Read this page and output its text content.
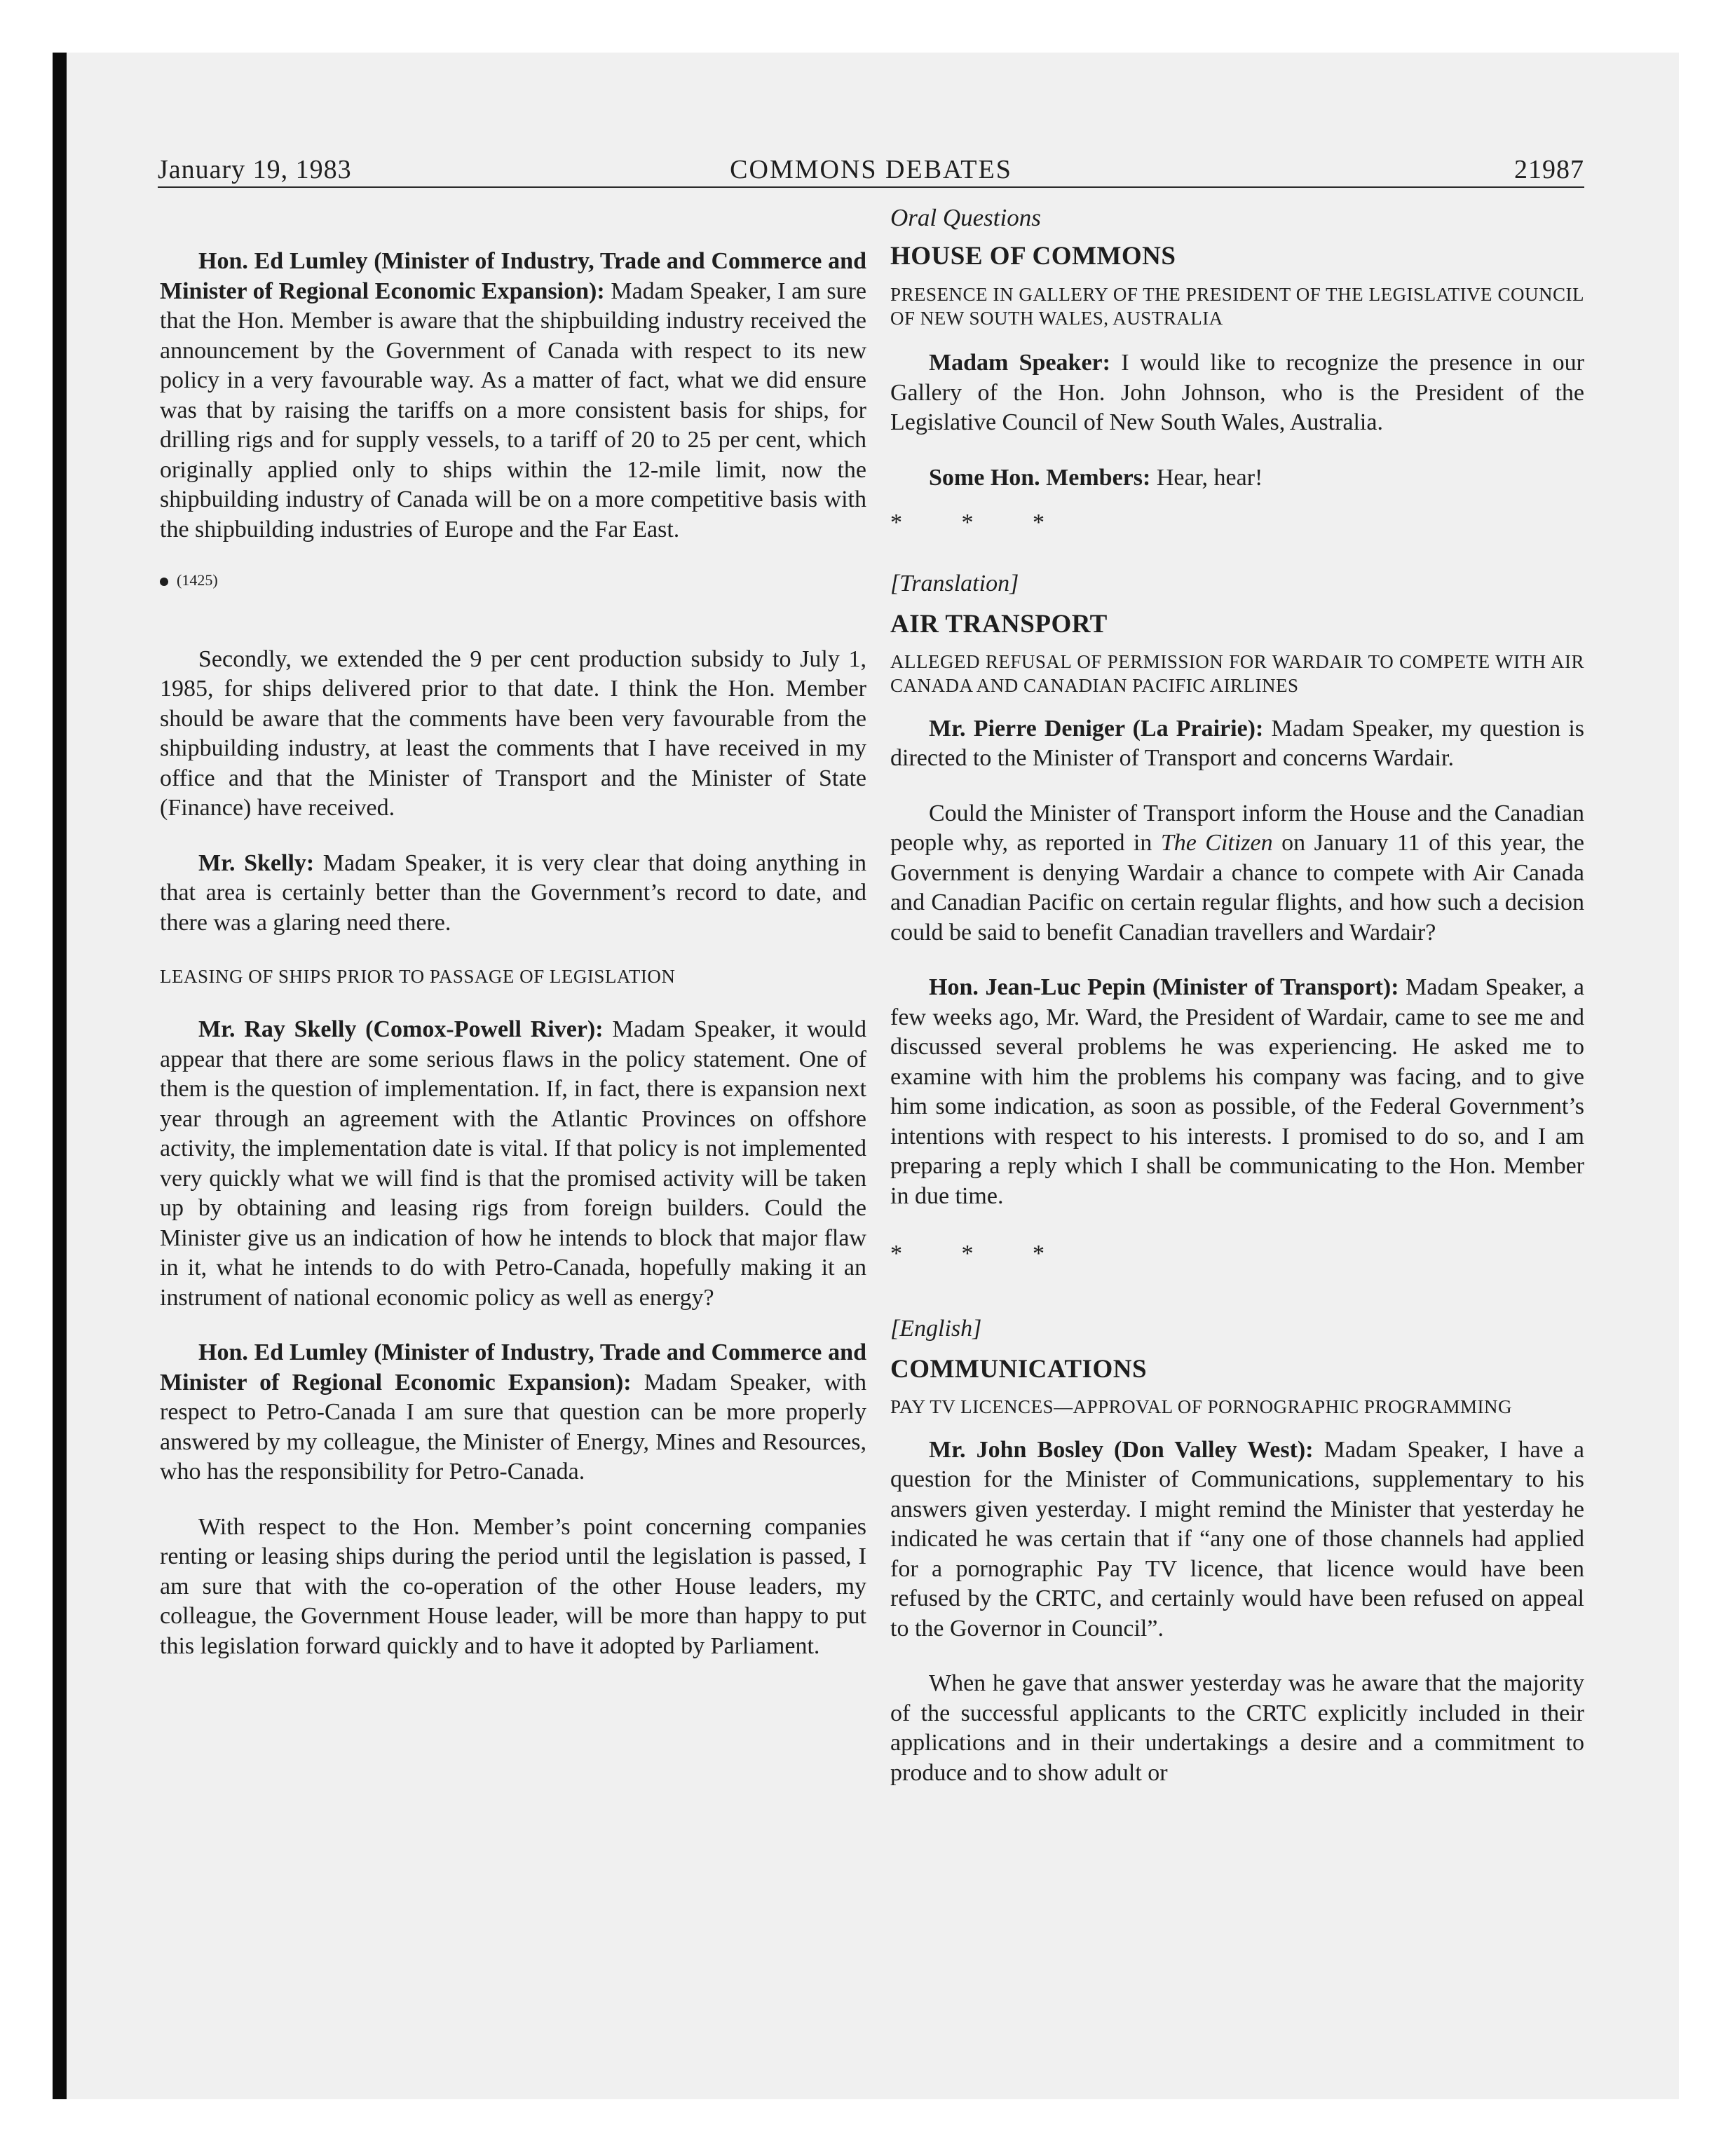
January 19, 1983	COMMONS DEBATES	21987

Hon. Ed Lumley (Minister of Industry, Trade and Commerce and Minister of Regional Economic Expansion): Madam Speaker, I am sure that the Hon. Member is aware that the shipbuilding industry received the announcement by the Government of Canada with respect to its new policy in a very favourable way. As a matter of fact, what we did ensure was that by raising the tariffs on a more consistent basis for ships, for drilling rigs and for supply vessels, to a tariff of 20 to 25 per cent, which originally applied only to ships within the 12-mile limit, now the shipbuilding industry of Canada will be on a more competitive basis with the shipbuilding industries of Europe and the Far East.

(1425)

Secondly, we extended the 9 per cent production subsidy to July 1, 1985, for ships delivered prior to that date. I think the Hon. Member should be aware that the comments have been very favourable from the shipbuilding industry, at least the comments that I have received in my office and that the Minister of Transport and the Minister of State (Finance) have received.

Mr. Skelly: Madam Speaker, it is very clear that doing anything in that area is certainly better than the Government’s record to date, and there was a glaring need there.

LEASING OF SHIPS PRIOR TO PASSAGE OF LEGISLATION

Mr. Ray Skelly (Comox-Powell River): Madam Speaker, it would appear that there are some serious flaws in the policy statement. One of them is the question of implementation. If, in fact, there is expansion next year through an agreement with the Atlantic Provinces on offshore activity, the implementation date is vital. If that policy is not implemented very quickly what we will find is that the promised activity will be taken up by obtaining and leasing rigs from foreign builders. Could the Minister give us an indication of how he intends to block that major flaw in it, what he intends to do with Petro-Canada, hopefully making it an instrument of national economic policy as well as energy?

Hon. Ed Lumley (Minister of Industry, Trade and Commerce and Minister of Regional Economic Expansion): Madam Speaker, with respect to Petro-Canada I am sure that question can be more properly answered by my colleague, the Minister of Energy, Mines and Resources, who has the responsibility for Petro-Canada.

With respect to the Hon. Member’s point concerning companies renting or leasing ships during the period until the legislation is passed, I am sure that with the co-operation of the other House leaders, my colleague, the Government House leader, will be more than happy to put this legislation forward quickly and to have it adopted by Parliament.

Oral Questions

HOUSE OF COMMONS

PRESENCE IN GALLERY OF THE PRESIDENT OF THE LEGISLATIVE COUNCIL OF NEW SOUTH WALES, AUSTRALIA

Madam Speaker: I would like to recognize the presence in our Gallery of the Hon. John Johnson, who is the President of the Legislative Council of New South Wales, Australia.

Some Hon. Members: Hear, hear!

* * *

[Translation]

AIR TRANSPORT

ALLEGED REFUSAL OF PERMISSION FOR WARDAIR TO COMPETE WITH AIR CANADA AND CANADIAN PACIFIC AIRLINES

Mr. Pierre Deniger (La Prairie): Madam Speaker, my question is directed to the Minister of Transport and concerns Wardair.

Could the Minister of Transport inform the House and the Canadian people why, as reported in The Citizen on January 11 of this year, the Government is denying Wardair a chance to compete with Air Canada and Canadian Pacific on certain regular flights, and how such a decision could be said to benefit Canadian travellers and Wardair?

Hon. Jean-Luc Pepin (Minister of Transport): Madam Speaker, a few weeks ago, Mr. Ward, the President of Wardair, came to see me and discussed several problems he was experiencing. He asked me to examine with him the problems his company was facing, and to give him some indication, as soon as possible, of the Federal Government’s intentions with respect to his interests. I promised to do so, and I am preparing a reply which I shall be communicating to the Hon. Member in due time.

* * *

[English]

COMMUNICATIONS

PAY TV LICENCES—APPROVAL OF PORNOGRAPHIC PROGRAMMING

Mr. John Bosley (Don Valley West): Madam Speaker, I have a question for the Minister of Communications, supplementary to his answers given yesterday. I might remind the Minister that yesterday he indicated he was certain that if “any one of those channels had applied for a pornographic Pay TV licence, that licence would have been refused by the CRTC, and certainly would have been refused on appeal to the Governor in Council”.

When he gave that answer yesterday was he aware that the majority of the successful applicants to the CRTC explicitly included in their applications and in their undertakings a desire and a commitment to produce and to show adult or
